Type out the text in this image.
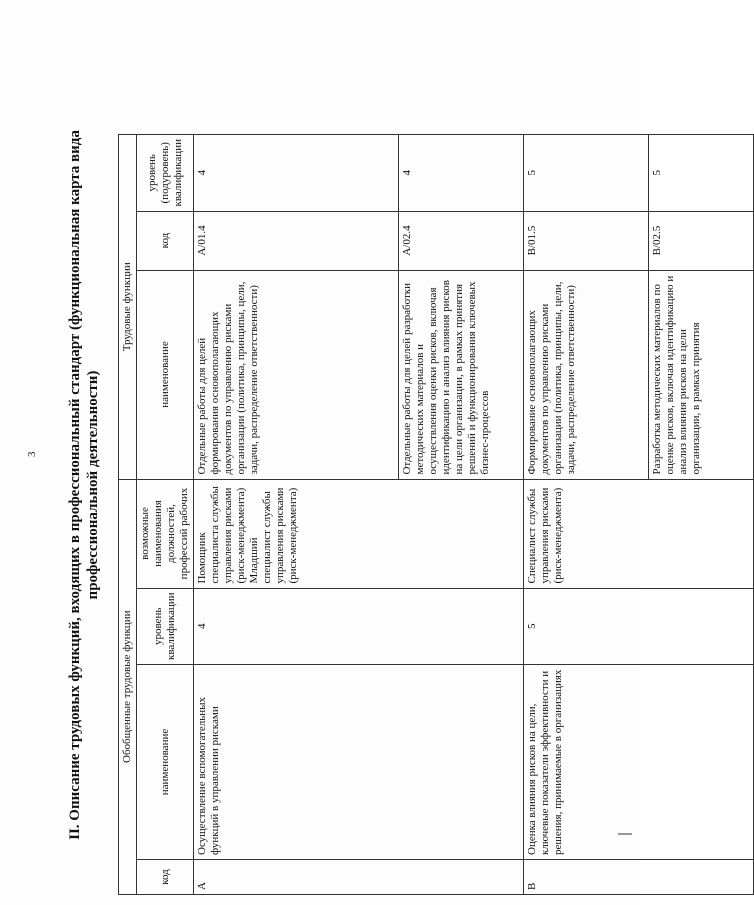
3 II. Описание трудовых функций, входящих в профессиональный стандарт (функциональная карта вида профессиональной деятельности)
Обобщенные трудовые функции				Трудовые функции		
код	наименование	уровень квалификации	возможные наименования должностей, профессий рабочих	наименование	код	уровень (подуровень) квалификации
А	Осуществление вспомогательных функций в управлении рисками	4	Помощник специалиста службы управления рисками (риск-менеджмента) Младший специалист службы управления рисками (риск-менеджмента)	Отдельные работы для целей формирования основополагающих документов по управлению рисками организации (политика, принципы, цели, задачи, распределение ответственности)	A/01.4	4
				Отдельные работы для целей разработки методических материалов и осуществления оценки рисков, включая идентификацию и анализ влияния рисков на цели организации, в рамках принятия решений и функционирования ключевых бизнес-процессов	A/02.4	4
В	Оценка влияния рисков на цели, ключевые показатели эффективности и решения, принимаемые в организациях	5	Специалист службы управления рисками (риск-менеджмента)	Формирование основополагающих документов по управлению рисками организации (политика, принципы, цели, задачи, распределение ответственности)	B/01.5	5
				Разработка методических материалов по оценке рисков, включая идентификацию и анализ влияния рисков на цели организации, в рамках принятия	B/02.5	5
